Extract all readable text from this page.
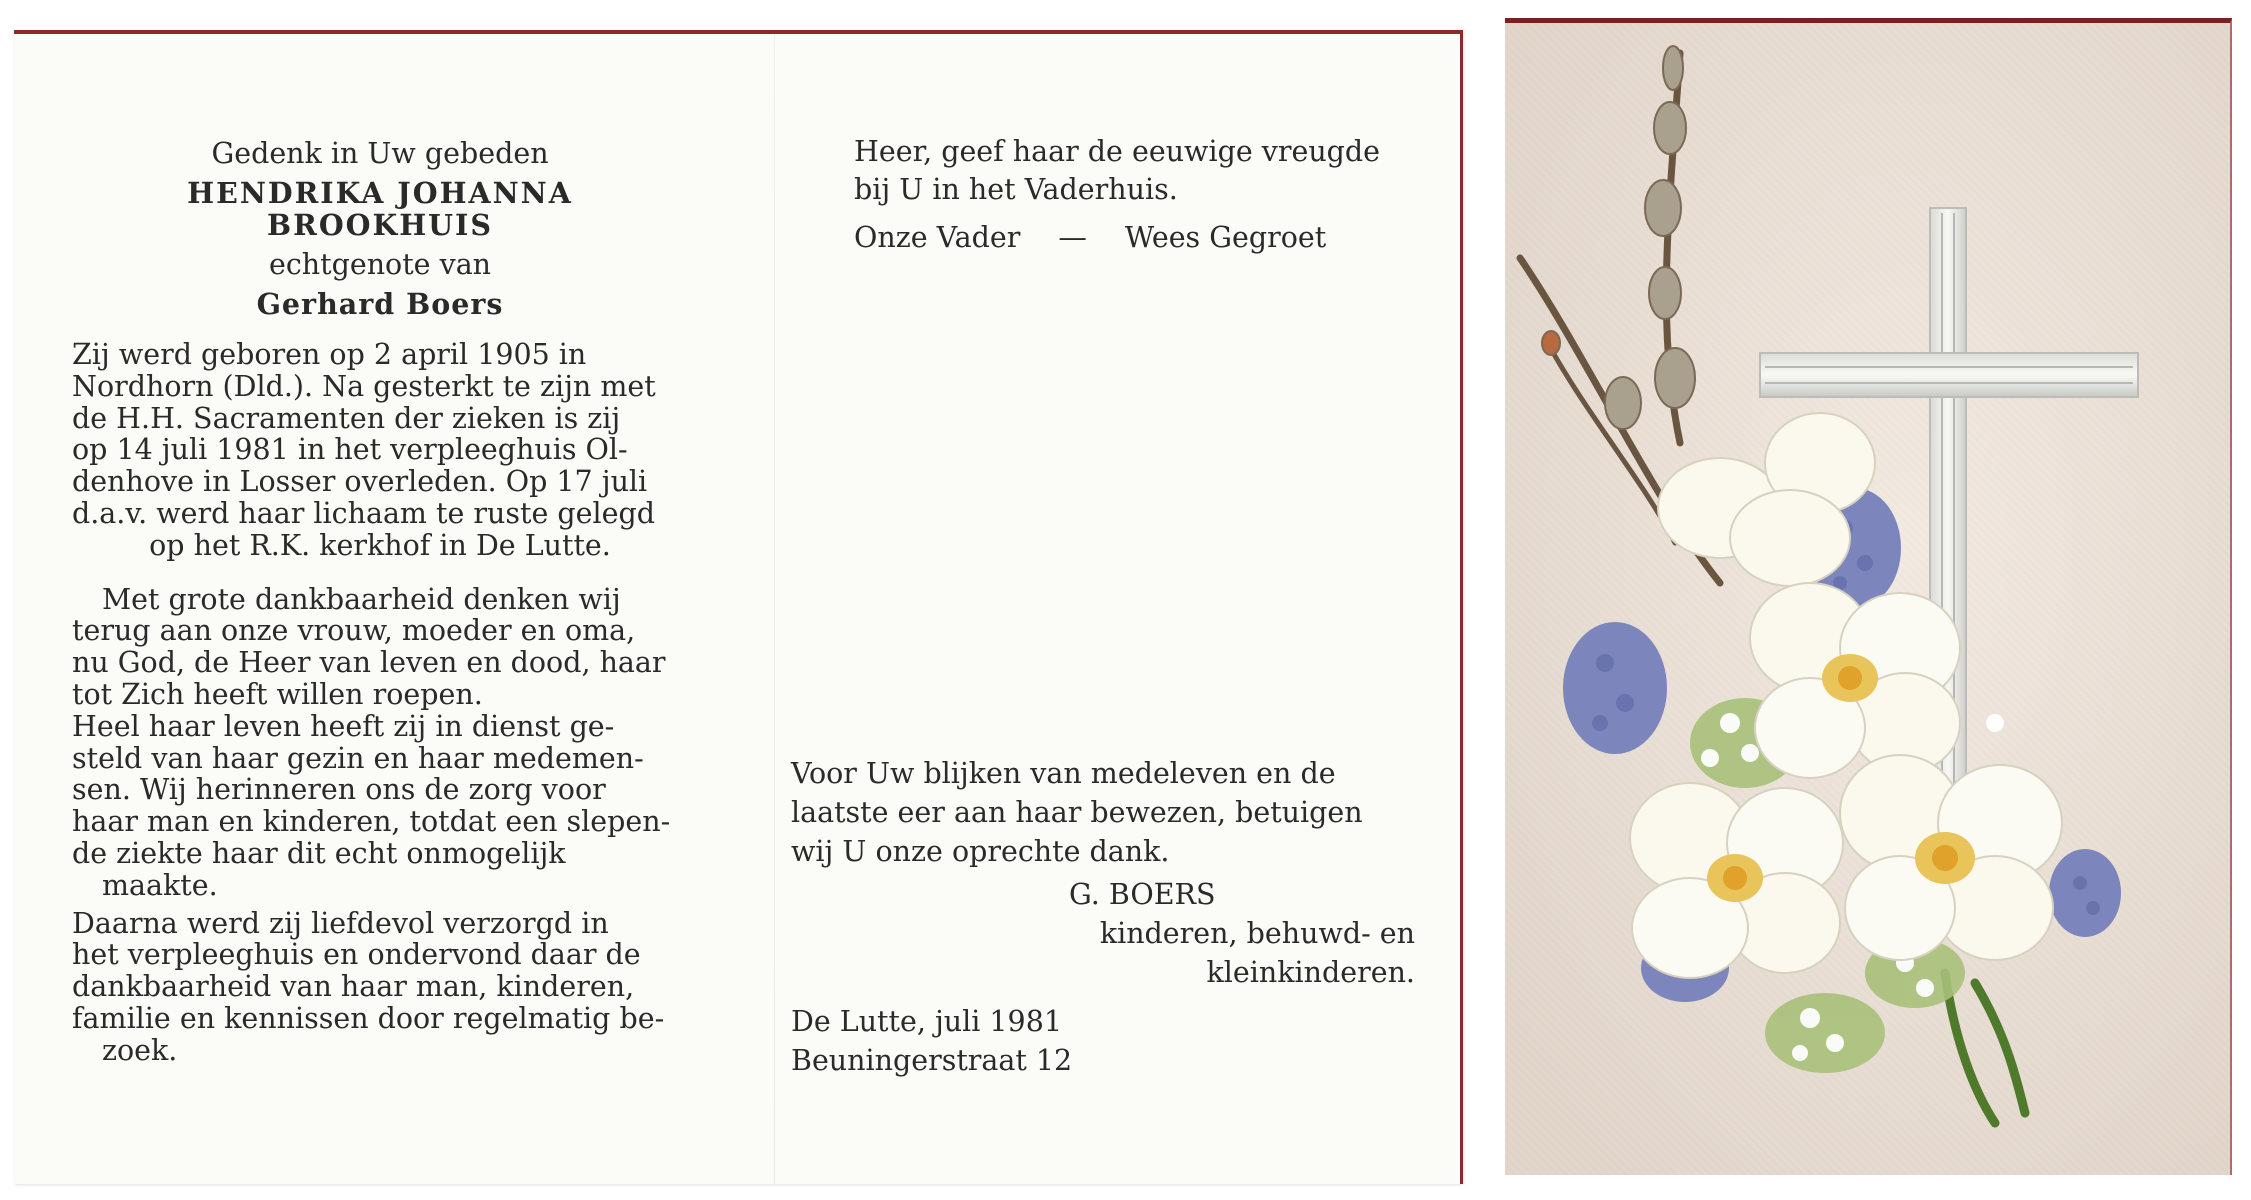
Gedenk in Uw gebeden
HENDRIKA JOHANNA BROOKHUIS
echtgenote van
Gerhard Boers
Zij werd geboren op 2 april 1905 in
Nordhorn (Dld.). Na gesterkt te zijn met
de H.H. Sacramenten der zieken is zij
op 14 juli 1981 in het verpleeghuis Ol-
denhove in Losser overleden. Op 17 juli
d.a.v. werd haar lichaam te ruste gelegd
op het R.K. kerkhof in De Lutte.
Met grote dankbaarheid denken wij
terug aan onze vrouw, moeder en oma,
nu God, de Heer van leven en dood, haar
tot Zich heeft willen roepen.
Heel haar leven heeft zij in dienst ge-
steld van haar gezin en haar medemen-
sen. Wij herinneren ons de zorg voor
haar man en kinderen, totdat een slepen-
de ziekte haar dit echt onmogelijk
maakte.
Daarna werd zij liefdevol verzorgd in
het verpleeghuis en ondervond daar de
dankbaarheid van haar man, kinderen,
familie en kennissen door regelmatig be-
zoek.
Heer, geef haar de eeuwige vreugde
bij U in het Vaderhuis.
Onze Vader — Wees Gegroet
Voor Uw blijken van medeleven en de
laatste eer aan haar bewezen, betuigen
wij U onze oprechte dank.
G. BOERS
kinderen, behuwd- en
kleinkinderen.
De Lutte, juli 1981
Beuningerstraat 12
